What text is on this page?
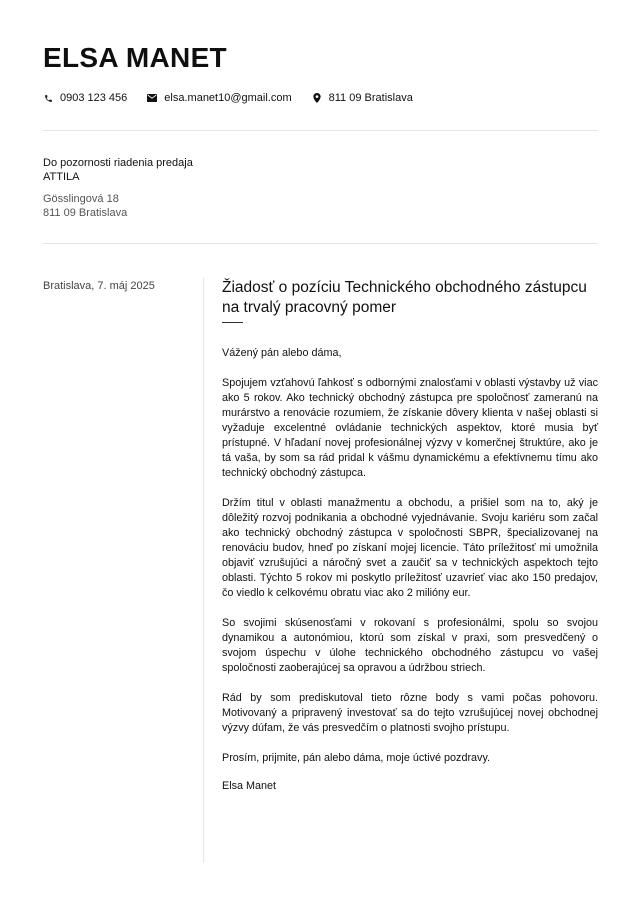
ELSA MANET
0903 123 456	elsa.manet10@gmail.com	811 09 Bratislava
Do pozornosti riadenia predaja
ATTILA
Gösslingová 18
811 09 Bratislava
Bratislava, 7. máj 2025	Žiadosť o pozíciu Technického obchodného zástupcu na trvalý pracovný pomer

Vážený pán alebo dáma,

Spojujem vzťahovú ľahkosť s odbornými znalosťami v oblasti výstavby už viac ako 5 rokov. Ako technický obchodný zástupca pre spoločnosť zameranú na murárstvo a renovácie rozumiem, že získanie dôvery klienta v našej oblasti si vyžaduje excelentné ovládanie technických aspektov, ktoré musia byť prístupné. V hľadaní novej profesionálnej výzvy v komerčnej štruktúre, ako je tá vaša, by som sa rád pridal k vášmu dynamickému a efektívnemu tímu ako technický obchodný zástupca.

Držím titul v oblasti manažmentu a obchodu, a prišiel som na to, aký je dôležitý rozvoj podnikania a obchodné vyjednávanie. Svoju kariéru som začal ako technický obchodný zástupca v spoločnosti SBPR, špecializovanej na renováciu budov, hneď po získaní mojej licencie. Táto príležitosť mi umožnila objaviť vzrušujúci a náročný svet a zaučiť sa v technických aspektoch tejto oblasti. Týchto 5 rokov mi poskytlo príležitosť uzavrieť viac ako 150 predajov, čo viedlo k celkovému obratu viac ako 2 milióny eur.

So svojimi skúsenosťami v rokovaní s profesionálmi, spolu so svojou dynamikou a autonómiou, ktorú som získal v praxi, som presvedčený o svojom úspechu v úlohe technického obchodného zástupcu vo vašej spoločnosti zaoberajúcej sa opravou a údržbou striech.

Rád by som prediskutoval tieto rôzne body s vami počas pohovoru. Motivovaný a pripravený investovať sa do tejto vzrušujúcej novej obchodnej výzvy dúfam, že vás presvedčím o platnosti svojho prístupu.

Prosím, prijmite, pán alebo dáma, moje úctivé pozdravy.

Elsa Manet
